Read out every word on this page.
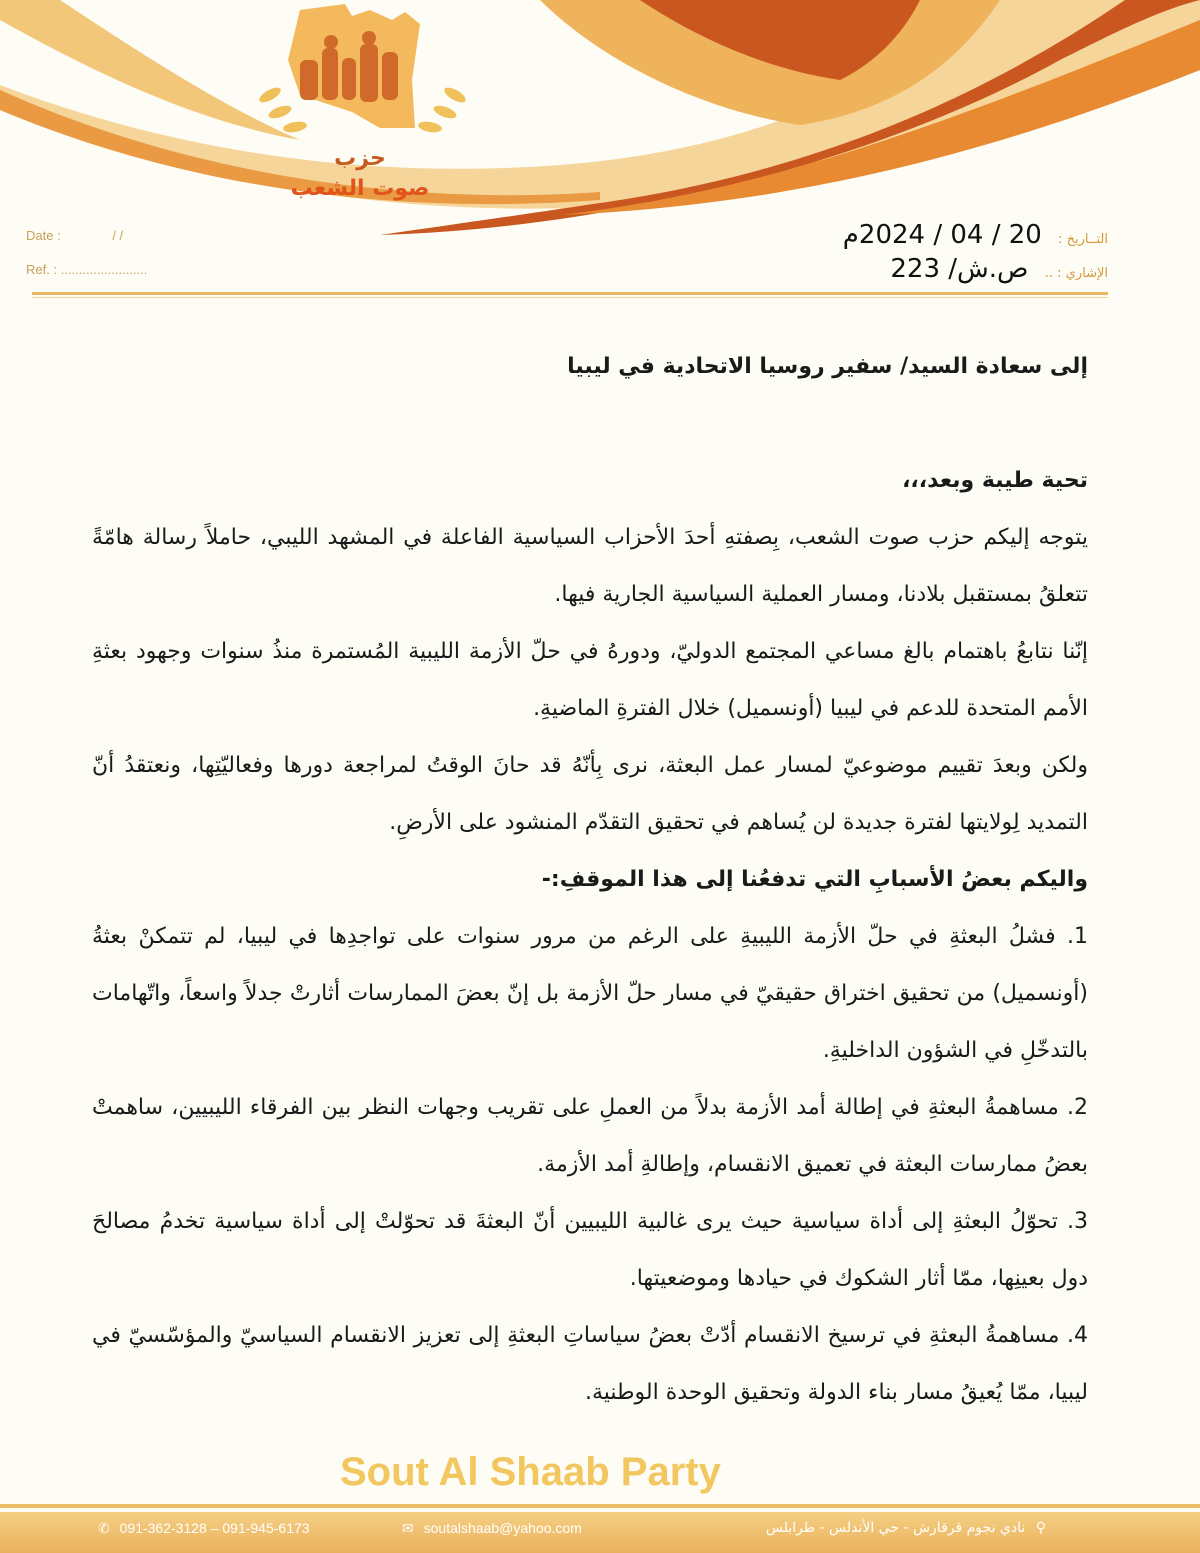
حزب
صوت الشعب
Date :	/ /
Ref. : ........................
التــاريخ : 20 / 04 / 2024م
الإشاري : .. ص.ش/ 223

إلى سعادة السيد/ سفير روسيا الاتحادية في ليبيا

تحية طيبة وبعد،،،

يتوجه إليكم حزب صوت الشعب، بِصفتهِ أحدَ الأحزاب السياسية الفاعلة في المشهد الليبي، حاملاً رسالة هامّةً تتعلقُ بمستقبل بلادنا، ومسار العملية السياسية الجارية فيها.

إنّنا نتابعُ باهتمام بالغ مساعي المجتمع الدوليّ، ودورهُ في حلّ الأزمة الليبية المُستمرة منذُ سنوات وجهود بعثةِ الأمم المتحدة للدعم في ليبيا (أونسميل) خلال الفترةِ الماضيةِ.

ولكن وبعدَ تقييم موضوعيّ لمسار عمل البعثة، نرى بِأنّهُ قد حانَ الوقتُ لمراجعة دورها وفعاليّتِها، ونعتقدُ أنّ التمديد لِولايتها لفترة جديدة لن يُساهم في تحقيق التقدّم المنشود على الأرضِ.

واليكم بعضُ الأسبابِ التي تدفعُنا إلى هذا الموقفِ:-

1. فشلُ البعثةِ في حلّ الأزمة الليبيةِ على الرغم من مرور سنوات على تواجدِها في ليبيا، لم تتمكنْ بعثةُ (أونسميل) من تحقيق اختراق حقيقيّ في مسار حلّ الأزمة بل إنّ بعضَ الممارسات أثارتْ جدلاً واسعاً، واتّهامات بالتدخّلِ في الشؤون الداخليةِ.

2. مساهمةُ البعثةِ في إطالة أمد الأزمة بدلاً من العملِ على تقريب وجهات النظر بين الفرقاء الليبيين، ساهمتْ بعضُ ممارسات البعثة في تعميق الانقسام، وإطالةِ أمد الأزمة.

3. تحوّلُ البعثةِ إلى أداة سياسية حيث يرى غالبية الليبيين أنّ البعثةَ قد تحوّلتْ إلى أداة سياسية تخدمُ مصالحَ دول بعينِها، ممّا أثار الشكوك في حيادها وموضعيتها.

4. مساهمةُ البعثةِ في ترسيخ الانقسام أدّتْ بعضُ سياساتِ البعثةِ إلى تعزيز الانقسام السياسيّ والمؤسّسيّ في ليبيا، ممّا يُعيقُ مسار بناء الدولة وتحقيق الوحدة الوطنية.

Sout Al Shaab Party
✆ 091-362-3128 – 091-945-6173	✉ soutalshaab@yahoo.com	⚲ نادي نجوم قرقارش - حي الأندلس - طرابلس
